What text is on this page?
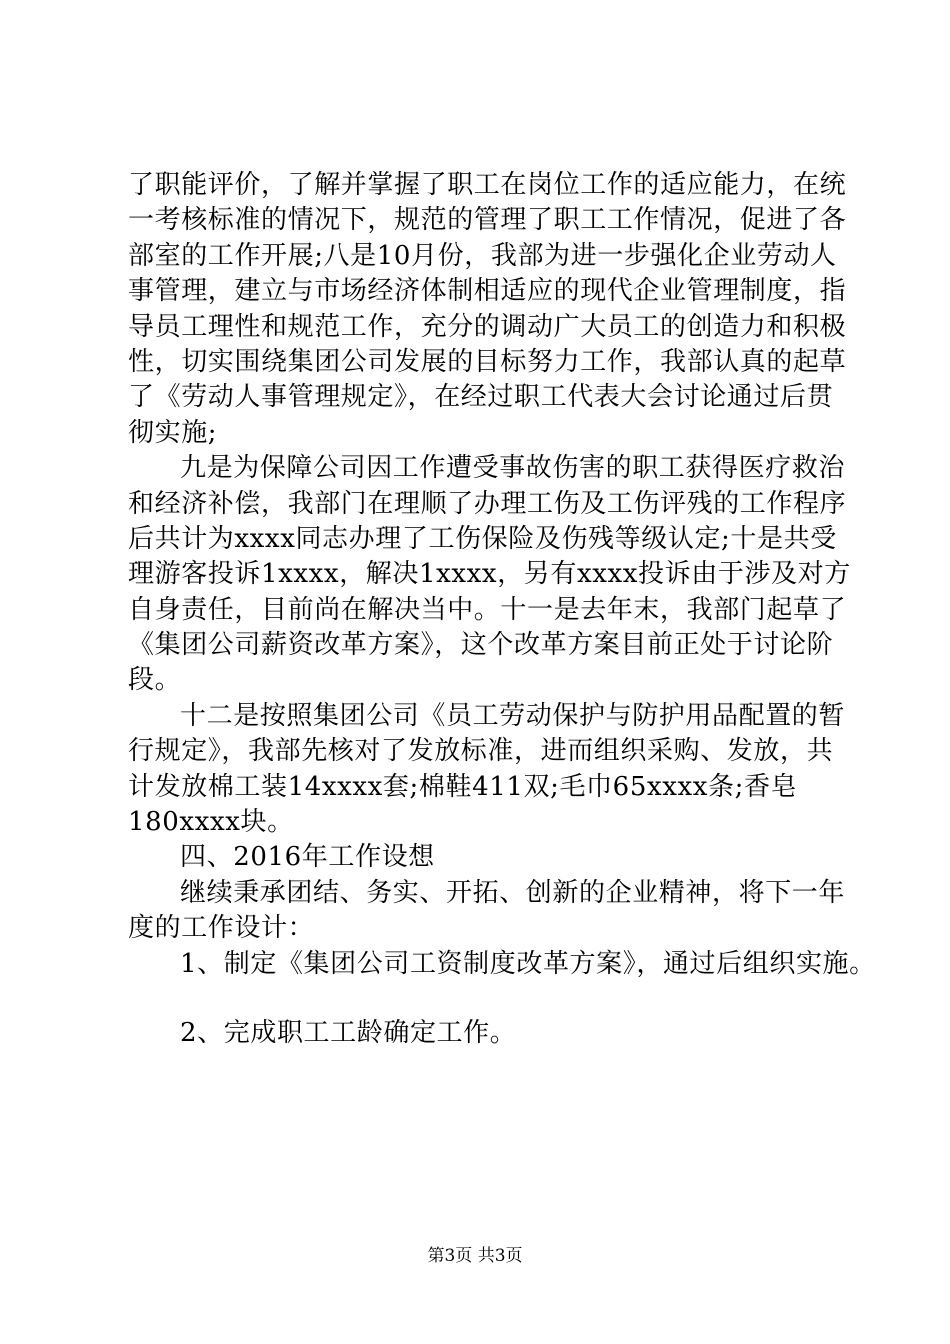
了职能评价，了解并掌握了职工在岗位工作的适应能力，在统
一考核标准的情况下，规范的管理了职工工作情况，促进了各
部室的工作开展;八是10月份，我部为进一步强化企业劳动人
事管理，建立与市场经济体制相适应的现代企业管理制度，指
导员工理性和规范工作，充分的调动广大员工的创造力和积极
性，切实围绕集团公司发展的目标努力工作，我部认真的起草
了《劳动人事管理规定》，在经过职工代表大会讨论通过后贯
彻实施;
九是为保障公司因工作遭受事故伤害的职工获得医疗救治
和经济补偿，我部门在理顺了办理工伤及工伤评残的工作程序
后共计为xxxx同志办理了工伤保险及伤残等级认定;十是共受
理游客投诉1xxxx，解决1xxxx，另有xxxx投诉由于涉及对方
自身责任，目前尚在解决当中。十一是去年末，我部门起草了
《集团公司薪资改革方案》，这个改革方案目前正处于讨论阶
段。
十二是按照集团公司《员工劳动保护与防护用品配置的暂
行规定》，我部先核对了发放标准，进而组织采购、发放，共
计发放棉工装14xxxx套;棉鞋411双;毛巾65xxxx条;香皂
180xxxx块。
四、2016年工作设想
继续秉承团结、务实、开拓、创新的企业精神，将下一年
度的工作设计：
1、制定《集团公司工资制度改革方案》，通过后组织实施。
2、完成职工工龄确定工作。
第3页 共3页
